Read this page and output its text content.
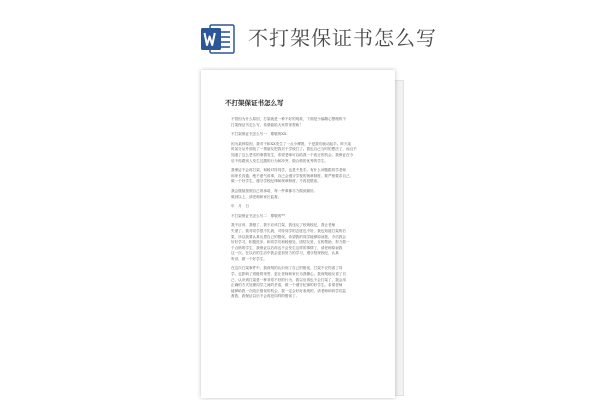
不打架保证书怎么写
不打架保证书怎么写
不管因为什么原因，打架就是一种不好的现象，下面是小编精心整理的不
打架保证书怎么写，希望能给大家带来帮助！
不打架保证书怎么写一　尊敬的XX：
因为某种原因，我对于和XX发生了一点小摩擦，于是我们就动起手。昨天某
时某分从外面找了一帮朋友把我对于学校打了。我也自己当时的想法了，而且不
知道了这么恶劣的事情发生，希望老师可以给我一个改正的机会。我保证在今
后不再跟别人发生过激的行为和冲突，做合格的优秀的学生。
我保证不会再打架，和睦对待同学，也是不是手。有什么问题跟同学老师
和家长沟通，绝不意气用事，自己会遵守学校的规章制度，要严格要求自己，
做一个好学生，遵守学校纪律和规章制度，不再犯错误。
我会继续按照自己的承诺，每一件事都尽力做到最好。
做到以上，请老师和家长监督。
年　月　日
不打架保证书怎么写二　尊敬的**：
我不应该、我错了、我不应该打架、我违反了校规校纪，我让老师
失望了。我对同学很不礼貌，对待同学的态度也不好，我也知道打架的后
果，所以我要认真反思自己的错误，希望我的同学能够原谅我，今后我会
好好学习，积极进步，和同学们和睦相处，团结友爱，互相帮助，努力做一
个合格的学生，我保证以后再也不会发生这样的事情了，请老师原谅我
这一次。在以后的生活中我会更加努力的学习，遵守校规校纪，认真
听讲，做一个好学生。
在这次打架事件中，我深刻的认识到了自己的错误，打架不仅伤害了同
学，也影响了班级的荣誉，更让老师和家长为我操心。我深刻地反省了自
己，认识到打架是一种非常不好的行为，我以后再也不会打架了，我会用
正确的方式处理同学之间的矛盾，做一个遵守纪律的好学生。希望老师
能够给我一次改正错误的机会，我一定会好好表现的，请老师和同学们监
督我，我保证以后不会再犯同样的错误了。
